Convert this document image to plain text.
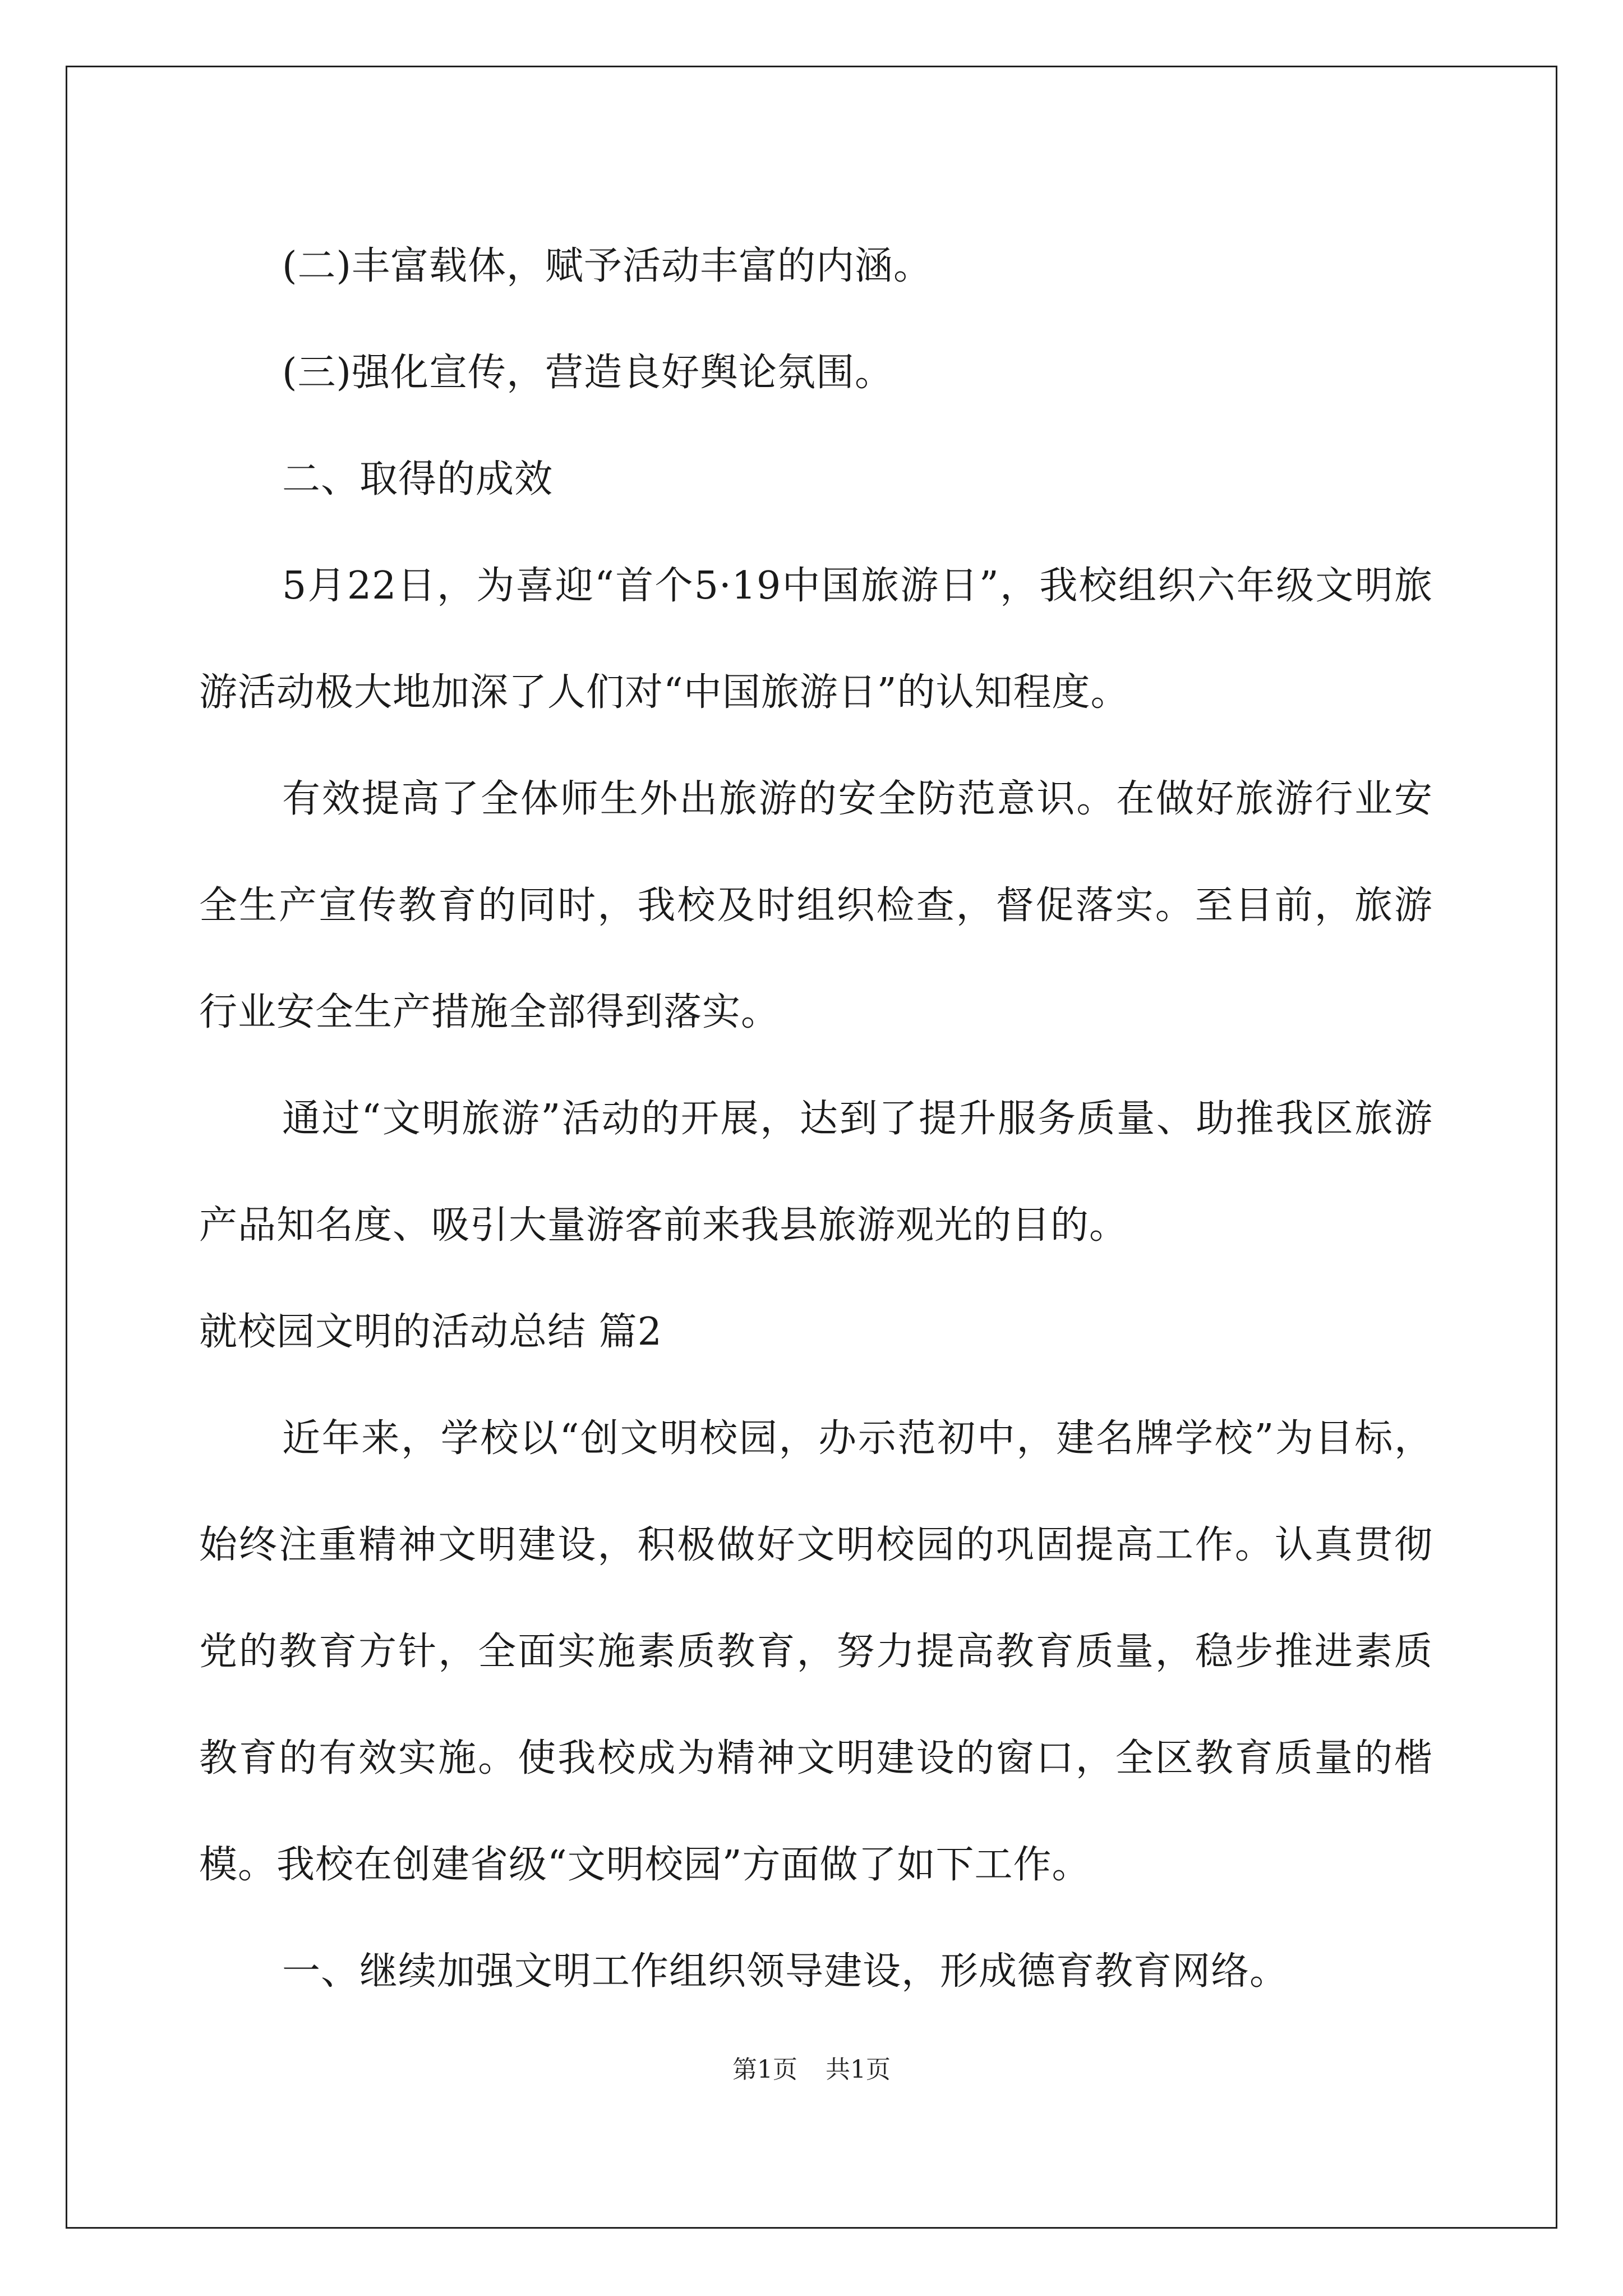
(二)丰富载体，赋予活动丰富的内涵。

(三)强化宣传，营造良好舆论氛围。

二、取得的成效

5月22日，为喜迎“首个5·19中国旅游日”，我校组织六年级文明旅游活动极大地加深了人们对“中国旅游日”的认知程度。

有效提高了全体师生外出旅游的安全防范意识。在做好旅游行业安全生产宣传教育的同时，我校及时组织检查，督促落实。至目前，旅游行业安全生产措施全部得到落实。

通过“文明旅游”活动的开展，达到了提升服务质量、助推我区旅游产品知名度、吸引大量游客前来我县旅游观光的目的。

就校园文明的活动总结 篇2

近年来，学校以“创文明校园，办示范初中，建名牌学校”为目标，始终注重精神文明建设，积极做好文明校园的巩固提高工作。认真贯彻党的教育方针，全面实施素质教育，努力提高教育质量，稳步推进素质教育的有效实施。使我校成为精神文明建设的窗口，全区教育质量的楷模。我校在创建省级“文明校园”方面做了如下工作。

一、继续加强文明工作组织领导建设，形成德育教育网络。

第1页 共1页
